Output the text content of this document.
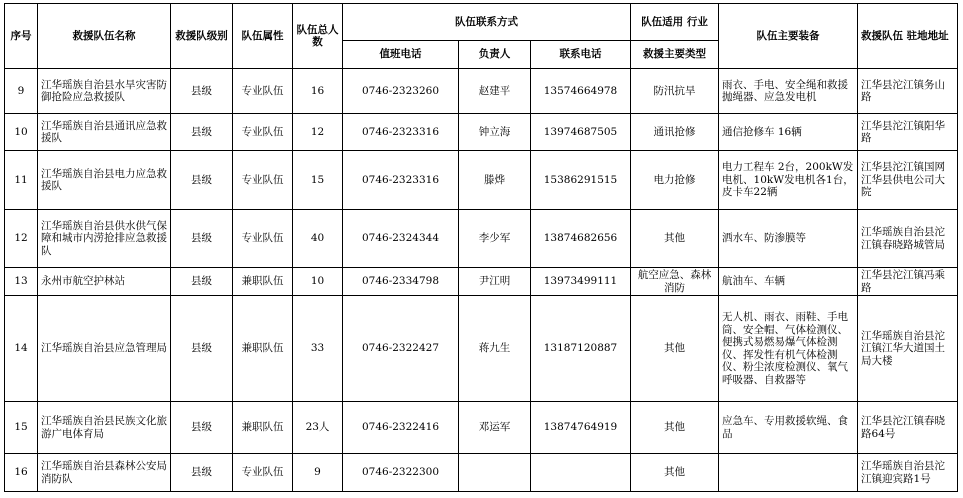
序号	救援队伍名称	救援队级别	队伍属性	队伍总人数	队伍联系方式			队伍适用 行业	队伍主要装备	救援队伍 驻地地址
					值班电话	负责人	联系电话	救援主要类型		
9	江华瑶族自治县水旱灾害防御抢险应急救援队	县级	专业队伍	16	0746-2323260	赵建平	13574664978	防汛抗旱	雨衣、手电、安全绳和救援抛绳器、应急发电机	江华县沱江镇务山路
10	江华瑶族自治县通讯应急救援队	县级	专业队伍	12	0746-2323316	钟立海	13974687505	通讯抢修	通信抢修车 16辆	江华县沱江镇阳华路
11	江华瑶族自治县电力应急救援队	县级	专业队伍	15	0746-2323316	滕烨	15386291515	电力抢修	电力工程车 2台，200kW发电机、10kW发电机各1台，皮卡车22辆	江华县沱江镇国网江华县供电公司大院
12	江华瑶族自治县供水供气保障和城市内涝抢排应急救援队	县级	专业队伍	40	0746-2324344	李少军	13874682656	其他	洒水车、防渗膜等	江华瑶族自治县沱江镇春晓路城管局
13	永州市航空护林站	县级	兼职队伍	10	0746-2334798	尹江明	13973499111	航空应急、森林消防	航油车、车辆	江华县沱江镇冯乘路
14	江华瑶族自治县应急管理局	县级	兼职队伍	33	0746-2322427	蒋九生	13187120887	其他	无人机、雨衣、雨鞋、手电筒、安全帽、气体检测仪、便携式易燃易爆气体检测仪、挥发性有机气体检测仪、粉尘浓度检测仪、氧气呼吸器、自救器等	江华瑶族自治县沱江镇江华大道国土局大楼
15	江华瑶族自治县民族文化旅游广电体育局	县级	兼职队伍	23人	0746-2322416	邓运军	13874764919	其他	应急车、专用救援软绳、食品	江华县沱江镇春晓路64号
16	江华瑶族自治县森林公安局消防队	县级	专业队伍	9	0746-2322300			其他		江华瑶族自治县沱江镇迎宾路1号
